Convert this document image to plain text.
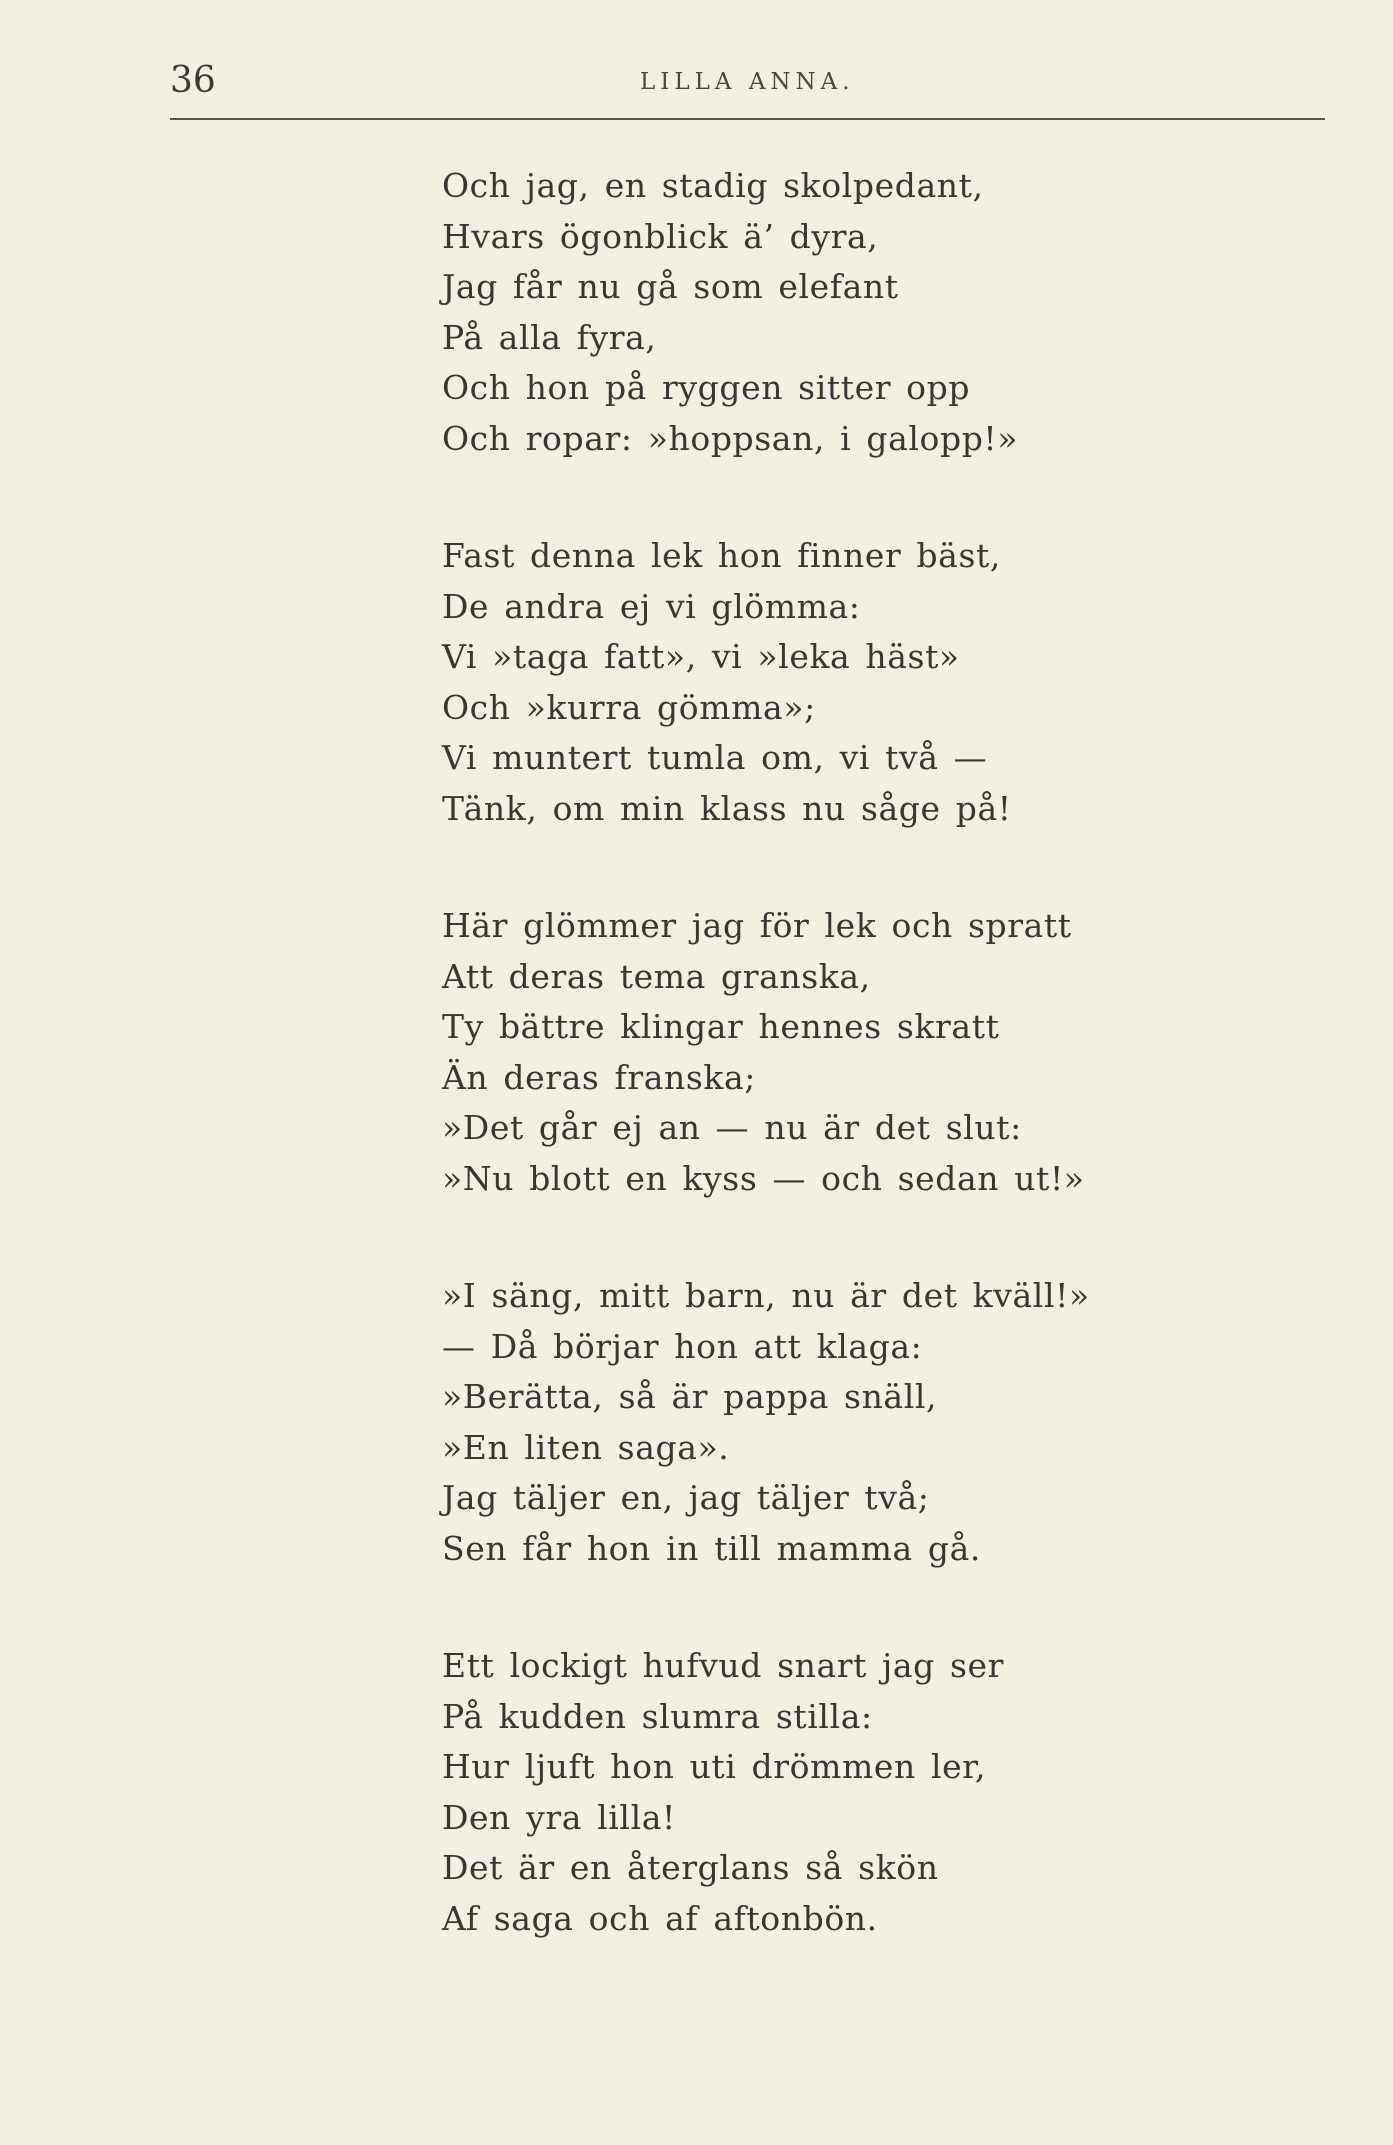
36	LILLA ANNA.
Och jag, en stadig skolpedant,
Hvars ögonblick ä’ dyra,
Jag får nu gå som elefant
På alla fyra,
Och hon på ryggen sitter opp
Och ropar: »hoppsan, i galopp!»
Fast denna lek hon finner bäst,
De andra ej vi glömma:
Vi »taga fatt», vi »leka häst»
Och »kurra gömma»;
Vi muntert tumla om, vi två —
Tänk, om min klass nu såge på!
Här glömmer jag för lek och spratt
Att deras tema granska,
Ty bättre klingar hennes skratt
Än deras franska;
»Det går ej an — nu är det slut:
»Nu blott en kyss — och sedan ut!»
»I säng, mitt barn, nu är det kväll!»
— Då börjar hon att klaga:
»Berätta, så är pappa snäll,
»En liten saga».
Jag täljer en, jag täljer två;
Sen får hon in till mamma gå.
Ett lockigt hufvud snart jag ser
På kudden slumra stilla:
Hur ljuft hon uti drömmen ler,
Den yra lilla!
Det är en återglans så skön
Af saga och af aftonbön.
